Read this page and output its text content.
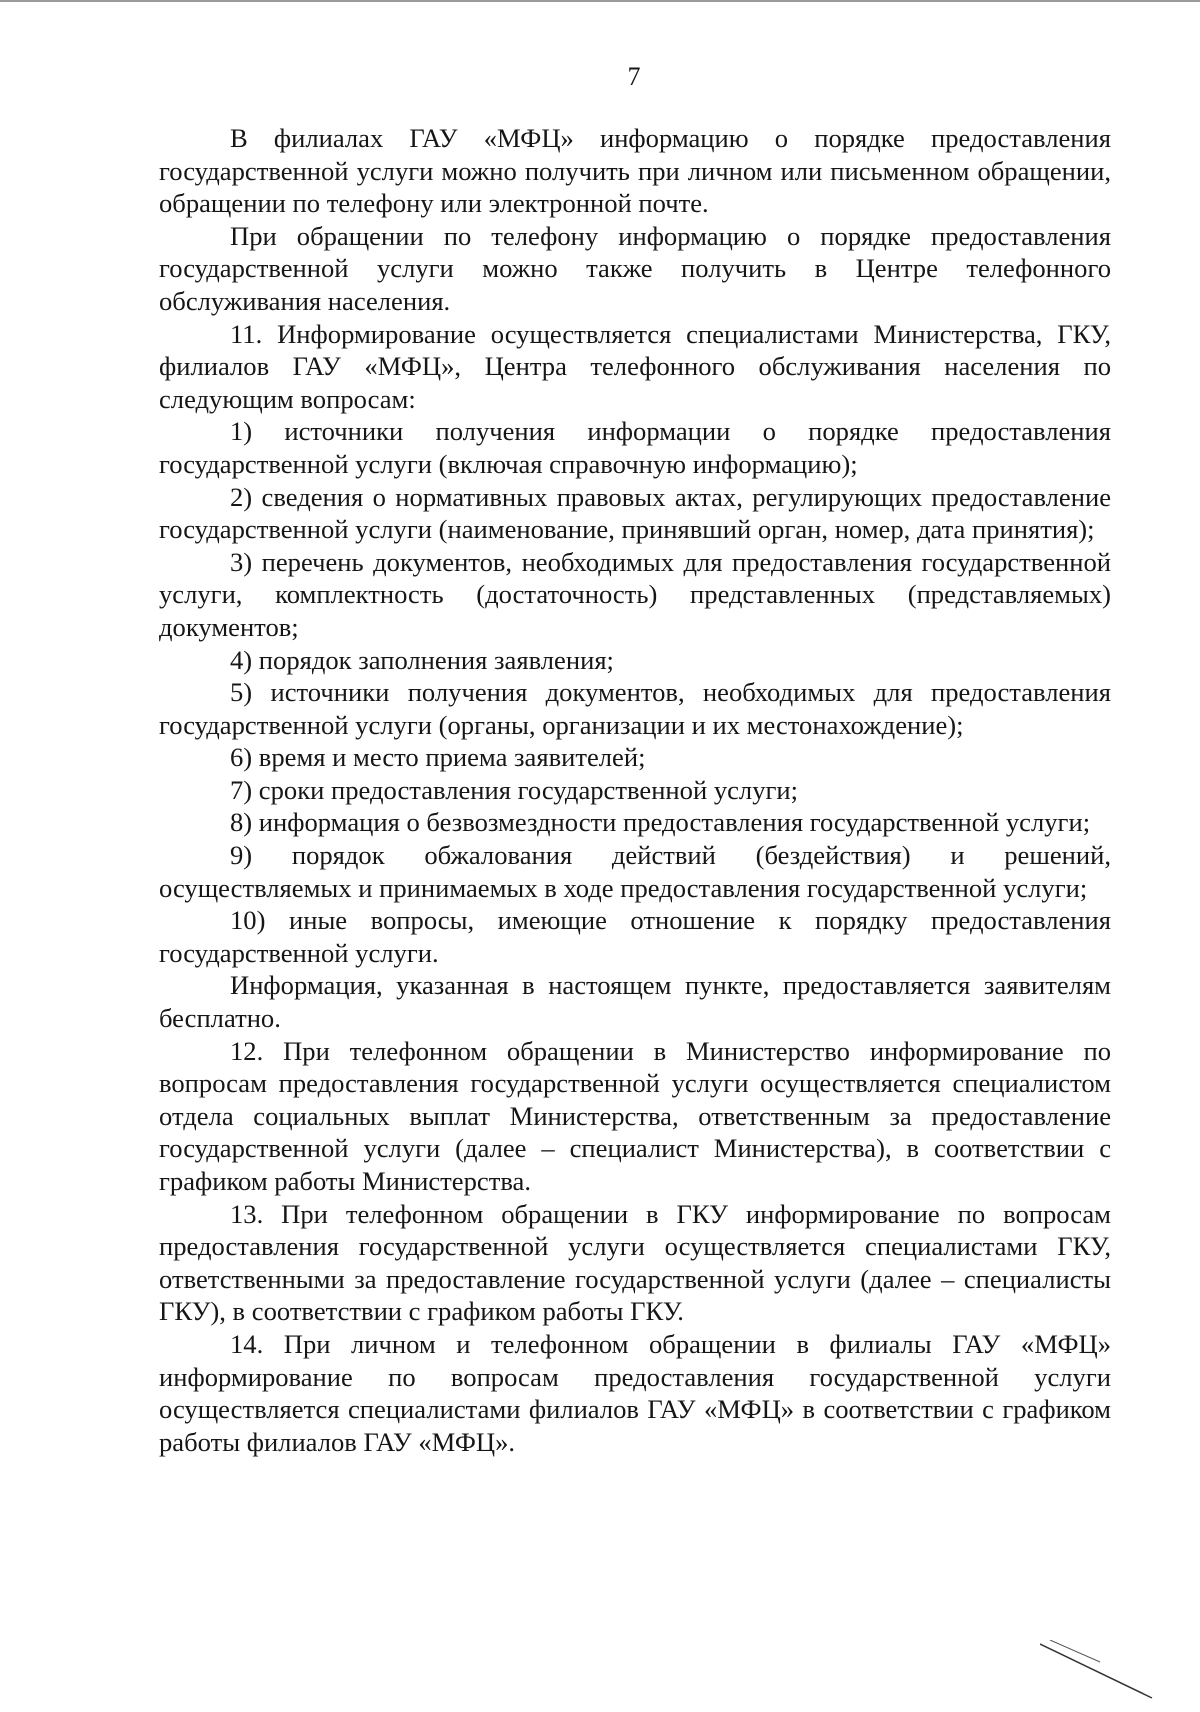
7

В филиалах ГАУ «МФЦ» информацию о порядке предоставления государственной услуги можно получить при личном или письменном обращении, обращении по телефону или электронной почте.

При обращении по телефону информацию о порядке предоставления государственной услуги можно также получить в Центре телефонного обслуживания населения.

11. Информирование осуществляется специалистами Министерства, ГКУ, филиалов ГАУ «МФЦ», Центра телефонного обслуживания населения по следующим вопросам:

1) источники получения информации о порядке предоставления государственной услуги (включая справочную информацию);

2) сведения о нормативных правовых актах, регулирующих предоставление государственной услуги (наименование, принявший орган, номер, дата принятия);

3) перечень документов, необходимых для предоставления государственной услуги, комплектность (достаточность) представленных (представляемых) документов;

4) порядок заполнения заявления;

5) источники получения документов, необходимых для предоставления государственной услуги (органы, организации и их местонахождение);

6) время и место приема заявителей;

7) сроки предоставления государственной услуги;

8) информация о безвозмездности предоставления государственной услуги;

9) порядок обжалования действий (бездействия) и решений, осуществляемых и принимаемых в ходе предоставления государственной услуги;

10) иные вопросы, имеющие отношение к порядку предоставления государственной услуги.

Информация, указанная в настоящем пункте, предоставляется заявителям бесплатно.

12. При телефонном обращении в Министерство информирование по вопросам предоставления государственной услуги осуществляется специалистом отдела социальных выплат Министерства, ответственным за предоставление государственной услуги (далее – специалист Министерства), в соответствии с графиком работы Министерства.

13. При телефонном обращении в ГКУ информирование по вопросам предоставления государственной услуги осуществляется специалистами ГКУ, ответственными за предоставление государственной услуги (далее – специалисты ГКУ), в соответствии с графиком работы ГКУ.

14. При личном и телефонном обращении в филиалы ГАУ «МФЦ» информирование по вопросам предоставления государственной услуги осуществляется специалистами филиалов ГАУ «МФЦ» в соответствии с графиком работы филиалов ГАУ «МФЦ».
